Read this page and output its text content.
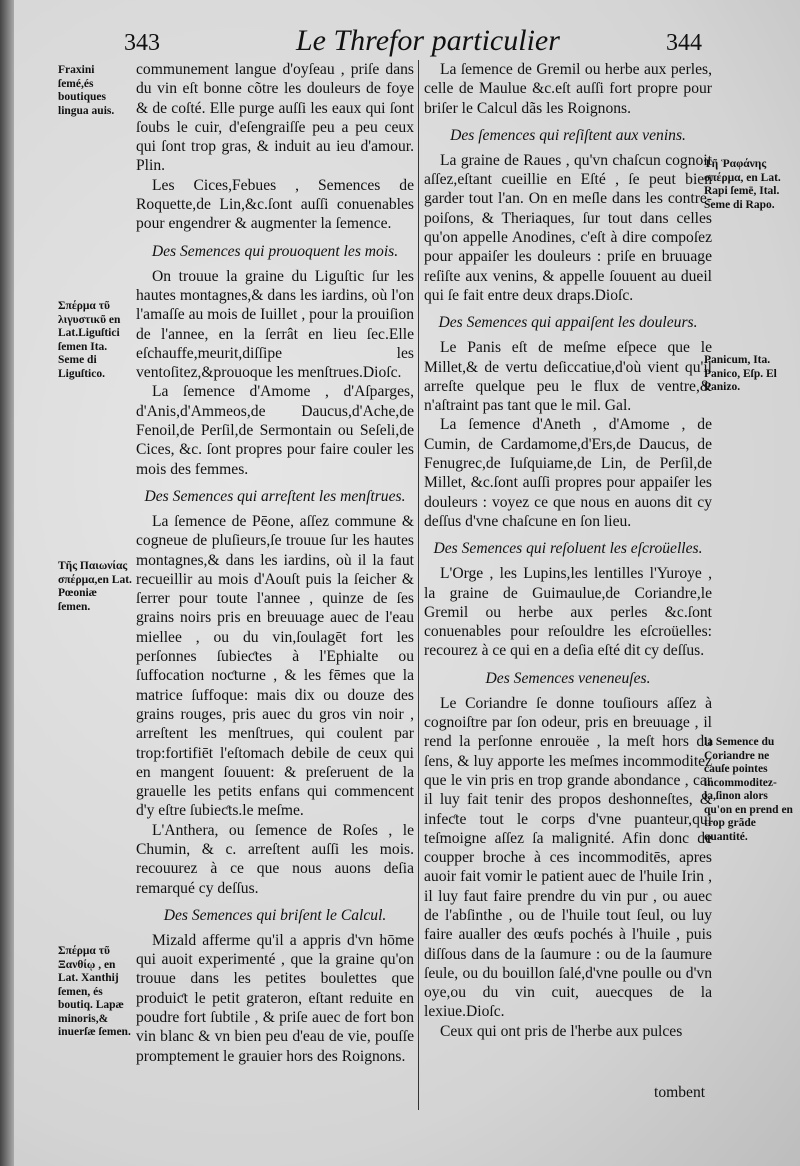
343	Le Threfor particulier	344

communement langue d'oyſeau , priſe dans du vin eſt bonne cõtre les douleurs de foye & de coſté. Elle purge auſſi les eaux qui ſont ſoubs le cuir, d'eſengraiſſe peu a peu ceux qui ſont trop gras, & induit au ieu d'amour. Plin.

Les Cices,Febues , Semences de Roquette,de Lin,&c.ſont auſſi conuenables pour engendrer & augmenter la ſemence.

Des Semences qui prouoquent les mois.

On trouue la graine du Liguſtic ſur les hautes montagnes,& dans les iardins, où l'on l'amaſſe au mois de Iuillet , pour la prouiſion de l'annee, en la ſerrât en lieu ſec.Elle eſchauffe,meurit,diſſipe les ventoſitez,&prouoque les menſtrues.Dioſc.

La ſemence d'Amome , d'Aſparges, d'Anis,d'Ammeos,de Daucus,d'Ache,de Fenoil,de Perſil,de Sermontain ou Seſeli,de Cices, &c. ſont propres pour faire couler les mois des femmes.

Des Semences qui arreſtent les menſtrues.

La ſemence de Pēone, aſſez commune & cogneue de pluſieurs,ſe trouue ſur les hautes montagnes,& dans les iardins, où il la faut recueillir au mois d'Aouſt puis la ſeicher & ſerrer pour toute l'annee , quinze de ſes grains noirs pris en breuuage auec de l'eau mielleе , ou du vin,ſoulagēt fort les perſonnes ſubieƈtes à l'Ephialte ou ſuffocation noƈturne , & les fēmes que la matrice ſuffoque: mais dix ou douze des grains rouges, pris auec du gros vin noir , arreſtent les menſtrues, qui coulent par trop:fortifiēt l'eſtomach debile de ceux qui en mangent ſouuent: & preſeruent de la grauelle les petits enfans qui commencent d'y eſtre ſubieƈts.le meſme.

L'Anthera, ou ſemence de Roſes , le Chumin, & c. arreſtent auſſi les mois. recouurez à ce que nous auons deſia remarqué cy deſſus.

Des Semences qui briſent le Calcul.

Mizald afferme qu'il a appris d'vn hōme qui auoit experimenté , que la graine qu'on trouue dans les petites boulettes que produiƈt le petit grateron, eſtant reduite en poudre fort ſubtile , & priſe auec de fort bon vin blanc & vn bien peu d'eau de vie, pouſſe promptement le grauier hors des Roignons.

La ſemence de Gremil ou herbe aux perles, celle de Maulue &c.eſt auſſi fort propre pour briſer le Calcul dãs les Roignons.

Des ſemences qui reſiſtent aux venins.

La graine de Raues , qu'vn chaſcun cognoit aſſez,eſtant cueillie en Eſté , ſe peut bien garder tout l'an. On en meſle dans les contre-poiſons, & Theriaques, ſur tout dans celles qu'on appelle Anodines, c'eſt à dire compoſez pour appaiſer les douleurs : priſe en bruuage reſiſte aux venins, & appelle ſouuent au dueil qui ſe fait entre deux draps.Dioſc.

Des Semences qui appaiſent les douleurs.

Le Panis eſt de meſme eſpece que le Millet,& de vertu deſiccatiue,d'où vient qu'il arreſte quelque peu le flux de ventre,& n'aſtraint pas tant que le mil. Gal.

La ſemence d'Aneth , d'Amome , de Cumin, de Cardamome,d'Ers,de Daucus, de Fenugrec,de Iuſquiame,de Lin, de Perſil,de Millet, &c.ſont auſſi propres pour appaiſer les douleurs : voyez ce que nous en auons dit cy deſſus d'vne chaſcune en ſon lieu.

Des Semences qui reſoluent les eſcroüelles.

L'Orge , les Lupins,les lentilles l'Yuroye , la graine de Guimaulue,de Coriandre,le Gremil ou herbe aux perles &c.ſont conuenables pour reſouldre les eſcroüelles: recourez à ce qui en a deſia eſté dit cy deſſus.

Des Semences veneneuſes.

Le Coriandre ſe donne touſiours aſſez à cognoiſtre par ſon odeur, pris en breuuage , il rend la perſonne enrouëe , la meſt hors du ſens, & luy apporte les meſmes incommoditez que le vin pris en trop grande abondance , car il luy fait tenir des propos deshonneſtes, & infeƈte tout le corps d'vne puanteur,qui teſmoigne aſſez ſa malignité. Afin donc de coupper broche à ces incommoditēs, apres auoir fait vomir le patient auec de l'huile Irin , il luy faut faire prendre du vin pur , ou auec de l'abſinthe , ou de l'huile tout ſeul, ou luy faire aualler des œufs pochés à l'huile , puis diſſous dans de la ſaumure : ou de la ſaumure ſeule, ou du bouillon ſalé,d'vne poulle ou d'vn oye,ou du vin cuit, auecques de la lexiue.Dioſc.

Ceux qui ont pris de l'herbe aux pulces

Fraxini ſemé,és boutiques lingua auis.
Σπέρμα τῦ λιγυστικῦ en Lat.Liguſtici ſemen Ita. Seme di Liguſtico.
Τῆς Παιωνίας σπέρμα,en Lat. Pœoniæ ſemen.
Σπέρμα τῦ Ξανθίῳ , en Lat. Xanthij ſemen, és boutiq. Lapæ minoris,& inuerſæ ſemen.
Τῆ Ῥαφάνης σπέρμα, en Lat. Rapi ſemē, Ital. Seme di Rapo.
Panicum, Ita. Panico, Eſp. El Panizo.
la Semence du Coriandre ne cauſe pointes incommoditez-la,ſinon alors qu'on en prend en trop grãde quantité.
tombent
